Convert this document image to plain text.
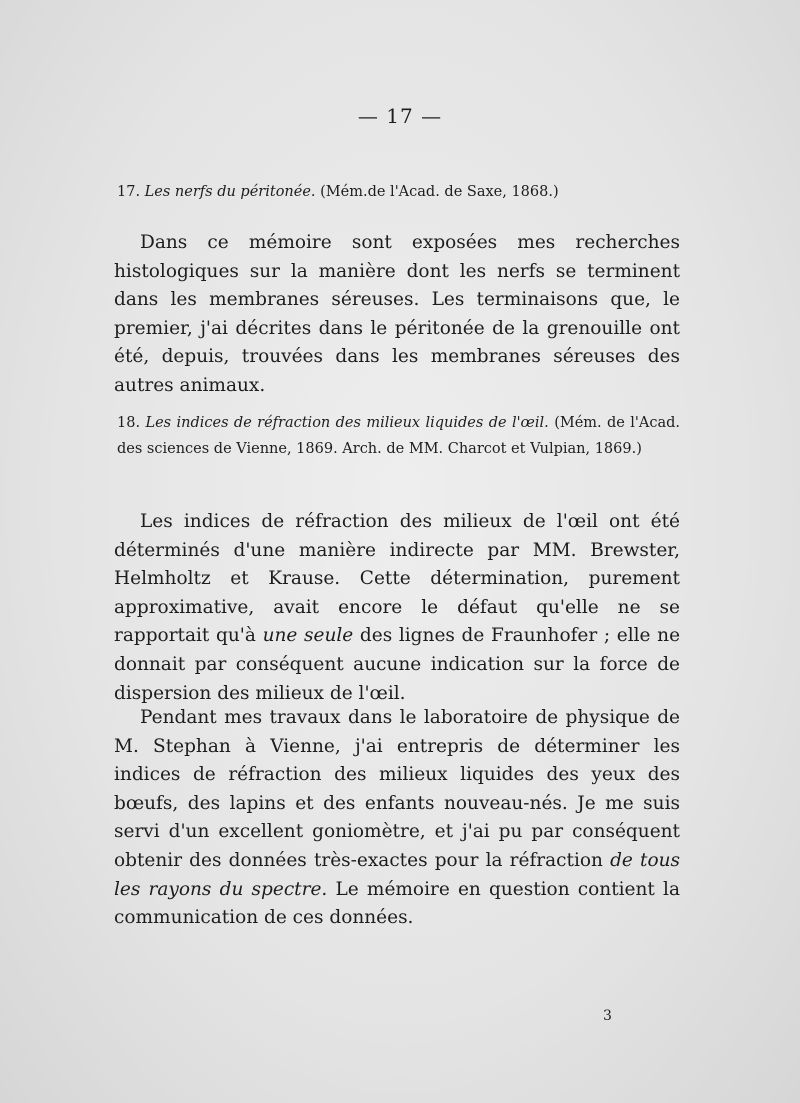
— 17 —
17. Les nerfs du péritonée. (Mém.de l'Acad. de Saxe, 1868.)

Dans ce mémoire sont exposées mes recherches histologiques sur la manière dont les nerfs se terminent dans les membranes séreuses. Les terminaisons que, le premier, j'ai décrites dans le péritonée de la grenouille ont été, depuis, trouvées dans les membranes séreuses des autres animaux.

18. Les indices de réfraction des milieux liquides de l'œil. (Mém. de l'Acad. des sciences de Vienne, 1869. Arch. de MM. Charcot et Vulpian, 1869.)

Les indices de réfraction des milieux de l'œil ont été déterminés d'une manière indirecte par MM. Brewster, Helmholtz et Krause. Cette détermination, purement approximative, avait encore le défaut qu'elle ne se rapportait qu'à une seule des lignes de Fraunhofer ; elle ne donnait par conséquent aucune indication sur la force de dispersion des milieux de l'œil.

Pendant mes travaux dans le laboratoire de physique de M. Stephan à Vienne, j'ai entrepris de déterminer les indices de réfraction des milieux liquides des yeux des bœufs, des lapins et des enfants nouveau-nés. Je me suis servi d'un excellent goniomètre, et j'ai pu par conséquent obtenir des données très-exactes pour la réfraction de tous les rayons du spectre. Le mémoire en question contient la communication de ces données.

3
